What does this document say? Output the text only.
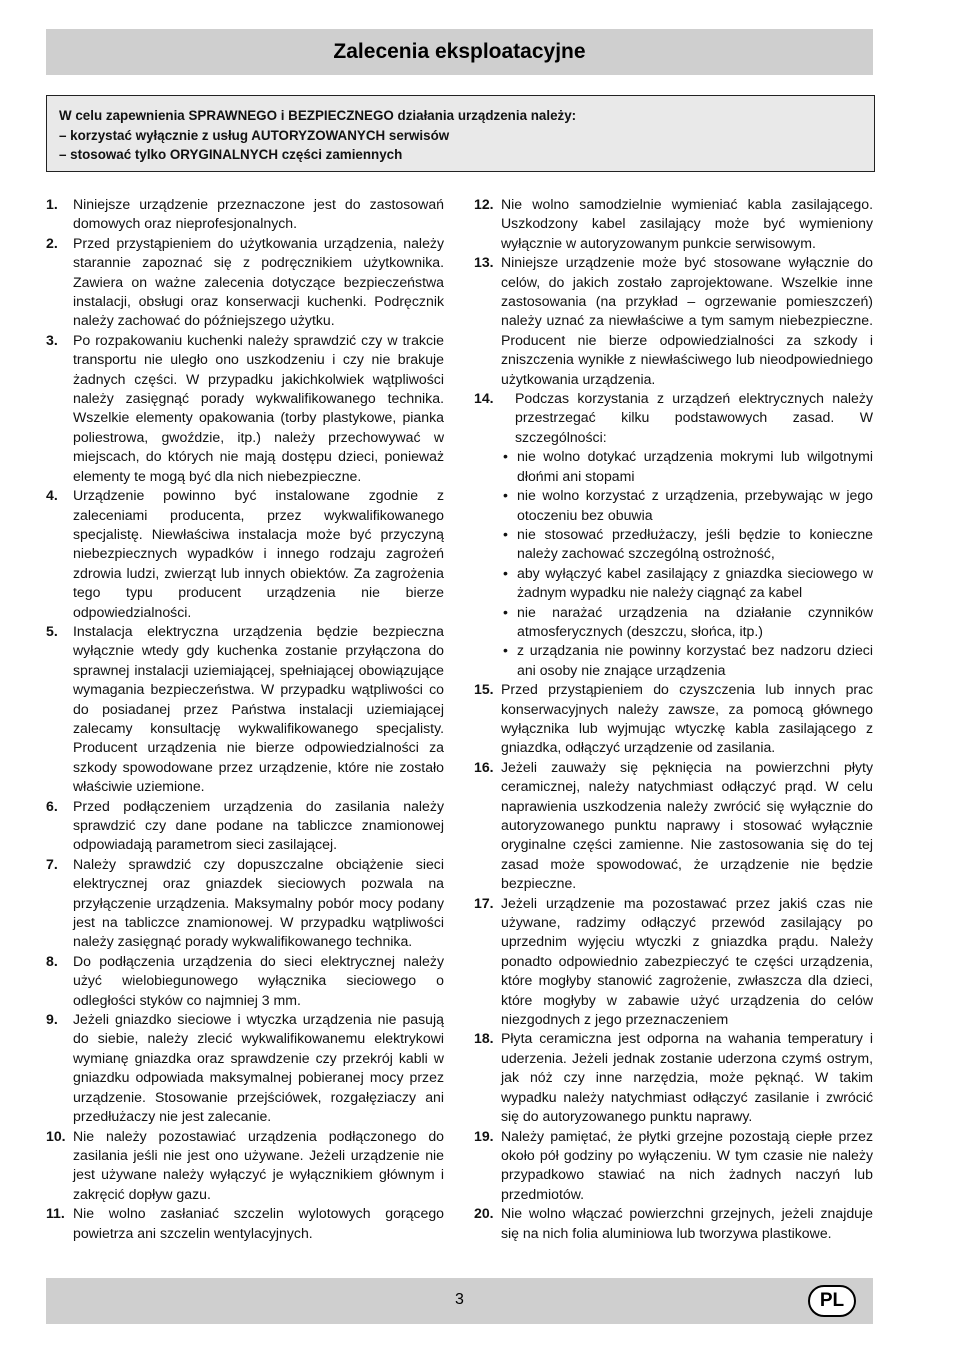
Zalecenia eksploatacyjne
W celu zapewnienia SPRAWNEGO i BEZPIECZNEGO działania urządzenia należy:
– korzystać wyłącznie z usług AUTORYZOWANYCH serwisów
– stosować tylko ORYGINALNYCH części zamiennych
1. Niniejsze urządzenie przeznaczone jest do zastosowań domowych oraz nieprofesjonalnych.
2. Przed przystąpieniem do użytkowania urządzenia, należy starannie zapoznać się z podręcznikiem użytkownika. Zawiera on ważne zalecenia dotyczące bezpieczeństwa instalacji, obsługi oraz konserwacji kuchenki. Podręcznik należy zachować do późniejszego użytku.
3. Po rozpakowaniu kuchenki należy sprawdzić czy w trakcie transportu nie uległo ono uszkodzeniu i czy nie brakuje żadnych części. W przypadku jakichkolwiek wątpliwości należy zasięgnąć porady wykwalifikowanego technika. Wszelkie elementy opakowania (torby plastykowe, pianka poliestrowa, gwoździe, itp.) należy przechowywać w miejscach, do których nie mają dostępu dzieci, ponieważ elementy te mogą być dla nich niebezpieczne.
4. Urządzenie powinno być instalowane zgodnie z zaleceniami producenta, przez wykwalifikowanego specjalistę. Niewłaściwa instalacja może być przyczyną niebezpiecznych wypadków i innego rodzaju zagrożeń zdrowia ludzi, zwierząt lub innych obiektów. Za zagrożenia tego typu producent urządzenia nie bierze odpowiedzialności.
5. Instalacja elektryczna urządzenia będzie bezpieczna wyłącznie wtedy gdy kuchenka zostanie przyłączona do sprawnej instalacji uziemiającej, spełniającej obowiązujące wymagania bezpieczeństwa. W przypadku wątpliwości co do posiadanej przez Państwa instalacji uziemiającej zalecamy konsultację wykwalifikowanego specjalisty. Producent urządzenia nie bierze odpowiedzialności za szkody spowodowane przez urządzenie, które nie zostało właściwie uziemione.
6. Przed podłączeniem urządzenia do zasilania należy sprawdzić czy dane podane na tabliczce znamionowej odpowiadają parametrom sieci zasilającej.
7. Należy sprawdzić czy dopuszczalne obciążenie sieci elektrycznej oraz gniazdek sieciowych pozwala na przyłączenie urządzenia. Maksymalny pobór mocy podany jest na tabliczce znamionowej. W przypadku wątpliwości należy zasięgnąć porady wykwalifikowanego technika.
8. Do podłączenia urządzenia do sieci elektrycznej należy użyć wielobiegunowego wyłącznika sieciowego o odległości styków co najmniej 3 mm.
9. Jeżeli gniazdko sieciowe i wtyczka urządzenia nie pasują do siebie, należy zlecić wykwalifikowanemu elektrykowi wymianę gniazdka oraz sprawdzenie czy przekrój kabli w gniazdku odpowiada maksymalnej pobieranej mocy przez urządzenie. Stosowanie przejściówek, rozgałęziaczy ani przedłużaczy nie jest zalecanie.
10. Nie należy pozostawiać urządzenia podłączonego do zasilania jeśli nie jest ono używane. Jeżeli urządzenie nie jest używane należy wyłączyć je wyłącznikiem głównym i zakręcić dopływ gazu.
11. Nie wolno zasłaniać szczelin wylotowych gorącego powietrza ani szczelin wentylacyjnych.
12. Nie wolno samodzielnie wymieniać kabla zasilającego. Uszkodzony kabel zasilający może być wymieniony wyłącznie w autoryzowanym punkcie serwisowym.
13. Niniejsze urządzenie może być stosowane wyłącznie do celów, do jakich zostało zaprojektowane. Wszelkie inne zastosowania (na przykład – ogrzewanie pomieszczeń) należy uznać za niewłaściwe a tym samym niebezpieczne. Producent nie bierze odpowiedzialności za szkody i zniszczenia wynikłe z niewłaściwego lub nieodpowiedniego użytkowania urządzenia.
14.	Podczas korzystania z urządzeń elektrycznych należy przestrzegać kilku podstawowych zasad. W szczególności:
• nie wolno dotykać urządzenia mokrymi lub wilgotnymi dłońmi ani stopami
• nie wolno korzystać z urządzenia, przebywając w jego otoczeniu bez obuwia
• nie stosować przedłużaczy, jeśli będzie to konieczne należy zachować szczególną ostrożność,
• aby wyłączyć kabel zasilający z gniazdka sieciowego w żadnym wypadku nie należy ciągnąć za kabel
• nie narażać urządzenia na działanie czynników atmosferycznych (deszczu, słońca, itp.)
• z urządzania nie powinny korzystać bez nadzoru dzieci ani osoby nie znające urządzenia
15. Przed przystąpieniem do czyszczenia lub innych prac konserwacyjnych należy zawsze, za pomocą głównego wyłącznika lub wyjmując wtyczkę kabla zasilającego z gniazdka, odłączyć urządzenie od zasilania.
16. Jeżeli zauważy się pęknięcia na powierzchni płyty ceramicznej, należy natychmiast odłączyć prąd. W celu naprawienia uszkodzenia należy zwrócić się wyłącznie do autoryzowanego punktu naprawy i stosować wyłącznie oryginalne części zamienne. Nie zastosowania się do tej zasad może spowodować, że urządzenie nie będzie bezpieczne.
17. Jeżeli urządzenie ma pozostawać przez jakiś czas nie używane, radzimy odłączyć przewód zasilający po uprzednim wyjęciu wtyczki z gniazdka prądu. Należy ponadto odpowiednio zabezpieczyć te części urządzenia, które mogłyby stanowić zagrożenie, zwłaszcza dla dzieci, które mogłyby w zabawie użyć urządzenia do celów niezgodnych z jego przeznaczeniem
18. Płyta ceramiczna jest odporna na wahania temperatury i uderzenia. Jeżeli jednak zostanie uderzona czymś ostrym, jak nóż czy inne narzędzia, może pęknąć. W takim wypadku należy natychmiast odłączyć zasilanie i zwrócić się do autoryzowanego punktu naprawy.
19. Należy pamiętać, że płytki grzejne pozostają ciepłe przez około pół godziny po wyłączeniu. W tym czasie nie należy przypadkowo stawiać na nich żadnych naczyń lub przedmiotów.
20. Nie wolno włączać powierzchni grzejnych, jeżeli znajduje się na nich folia aluminiowa lub tworzywa plastikowe.
3	PL
